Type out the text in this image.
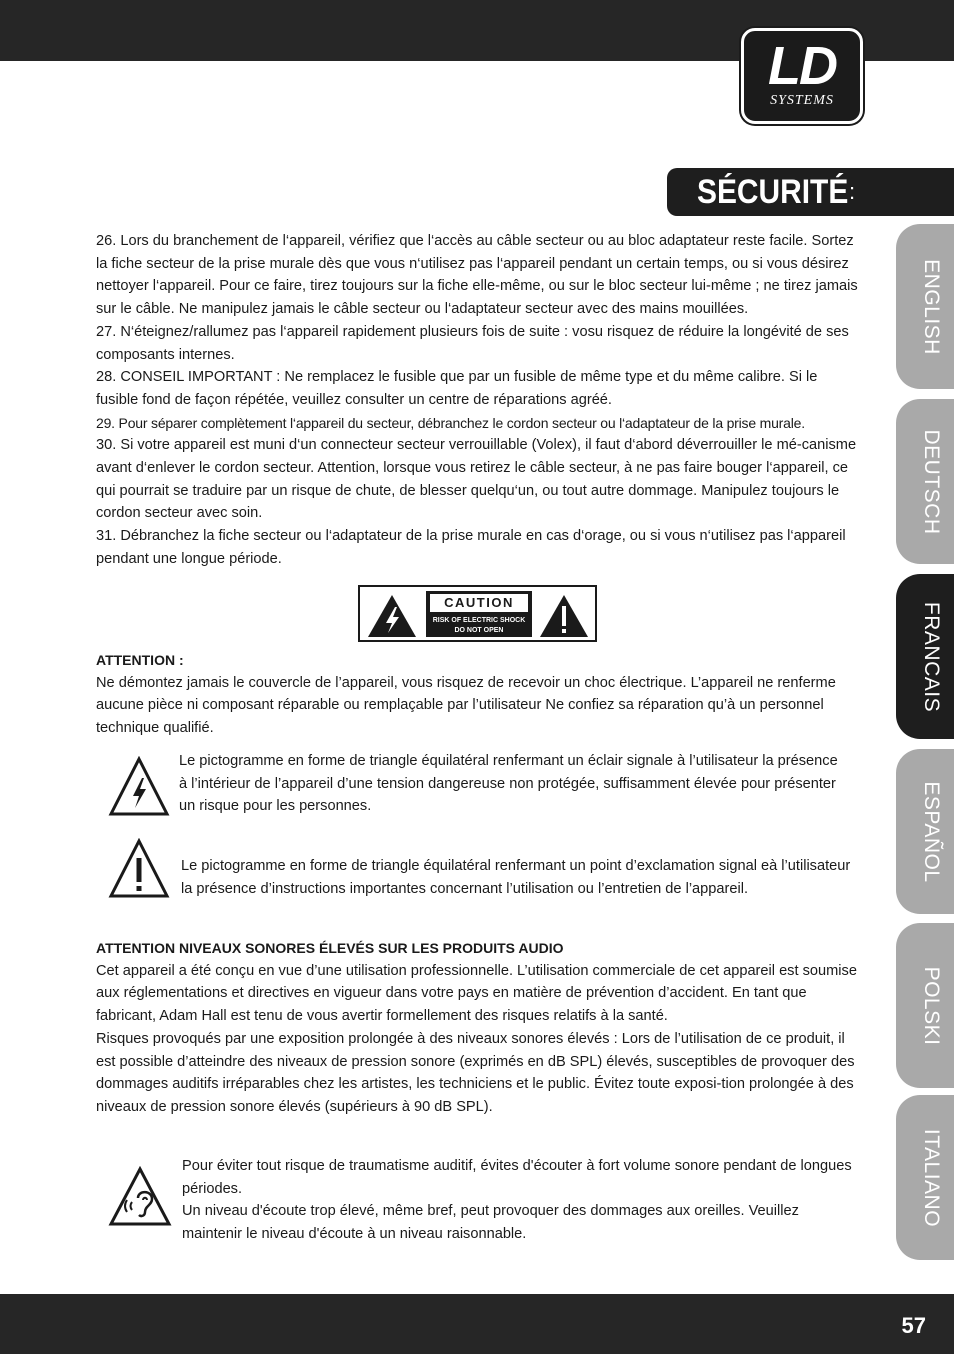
LD
SYSTEMS
SÉCURITÉ :
ENGLISH
DEUTSCH
FRANCAIS
ESPAÑOL
POLSKI
ITALIANO

26. Lors du branchement de l‘appareil, vérifiez que l‘accès au câble secteur ou au bloc adaptateur reste facile. Sortez la fiche secteur de la prise murale dès que vous n‘utilisez pas l‘appareil pendant un certain temps, ou si vous désirez nettoyer l‘appareil. Pour ce faire, tirez toujours sur la fiche elle-même, ou sur le bloc secteur lui-même ; ne tirez jamais sur le câble. Ne manipulez jamais le câble secteur ou l‘adaptateur secteur avec des mains mouillées.

27. N‘éteignez/rallumez pas l‘appareil rapidement plusieurs fois de suite : vosu risquez de réduire la longévité de ses composants internes.

28. CONSEIL IMPORTANT : Ne remplacez le fusible que par un fusible de même type et du même calibre. Si le fusible fond de façon répétée, veuillez consulter un centre de réparations agréé.

29. Pour séparer complètement l‘appareil du secteur, débranchez le cordon secteur ou l‘adaptateur de la prise murale.

30. Si votre appareil est muni d‘un connecteur secteur verrouillable (Volex), il faut d‘abord déverrouiller le mé-canisme avant d‘enlever le cordon secteur. Attention, lorsque vous retirez le câble secteur, à ne pas faire bouger l‘appareil, ce qui pourrait se traduire par un risque de chute, de blesser quelqu‘un, ou tout autre dommage. Manipulez toujours le cordon secteur avec soin.

31. Débranchez la fiche secteur ou l‘adaptateur de la prise murale en cas d‘orage, ou si vous n‘utilisez pas l‘appareil pendant une longue période.

CAUTION
RISK OF ELECTRIC SHOCK
DO NOT OPEN

ATTENTION :

Ne démontez jamais le couvercle de l’appareil, vous risquez de recevoir un choc électrique. L’appareil ne renferme aucune pièce ni composant réparable ou remplaçable par l’utilisateur Ne confiez sa réparation qu’à un personnel technique qualifié.

Le pictogramme en forme de triangle équilatéral renfermant un éclair signale à l’utilisateur la présence à l’intérieur de l’appareil d’une tension dangereuse non protégée, suffisamment élevée pour présenter un risque pour les personnes.
Le pictogramme en forme de triangle équilatéral renfermant un point d’exclamation signal eà l’utilisateur la présence d’instructions importantes concernant l’utilisation ou l’entretien de l’appareil.

ATTENTION NIVEAUX SONORES ÉLEVÉS SUR LES PRODUITS AUDIO

Cet appareil a été conçu en vue d’une utilisation professionnelle. L’utilisation commerciale de cet appareil est soumise aux réglementations et directives en vigueur dans votre pays en matière de prévention d’accident. En tant que fabricant, Adam Hall est tenu de vous avertir formellement des risques relatifs à la santé.

Risques provoqués par une exposition prolongée à des niveaux sonores élevés : Lors de l’utilisation de ce produit, il est possible d’atteindre des niveaux de pression sonore (exprimés en dB SPL) élevés, susceptibles de provoquer des dommages auditifs irréparables chez les artistes, les techniciens et le public. Évitez toute exposi-tion prolongée à des niveaux de pression sonore élevés (supérieurs à 90 dB SPL).

Pour éviter tout risque de traumatisme auditif, évites d'écouter à fort volume sonore pendant de longues périodes.

Un niveau d'écoute trop élevé, même bref, peut provoquer des dommages aux oreilles. Veuillez maintenir le niveau d'écoute à un niveau raisonnable.

57
